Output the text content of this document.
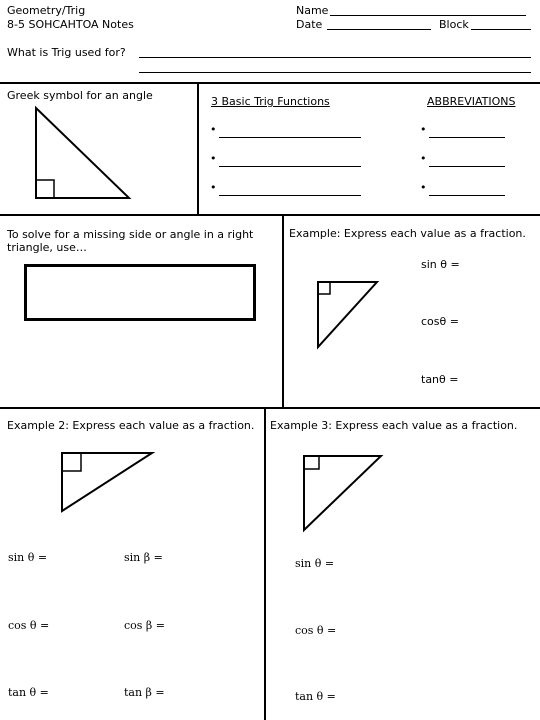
Geometry/Trig
8-5 SOHCAHTOA Notes
Name
Date	Block
What is Trig used for?
Greek symbol for an angle	3 Basic Trig Functions	ABBREVIATIONS
•
•
•
•
•
•
To solve for a missing side or angle in a right
triangle, use…
Example: Express each value as a fraction.
sin θ =
cosθ =
tanθ =
Example 2: Express each value as a fraction.
sin θ =	sin β =
cos θ =	cos β =
tan θ =	tan β =
Example 3: Express each value as a fraction.
sin θ =
cos θ =
tan θ =
